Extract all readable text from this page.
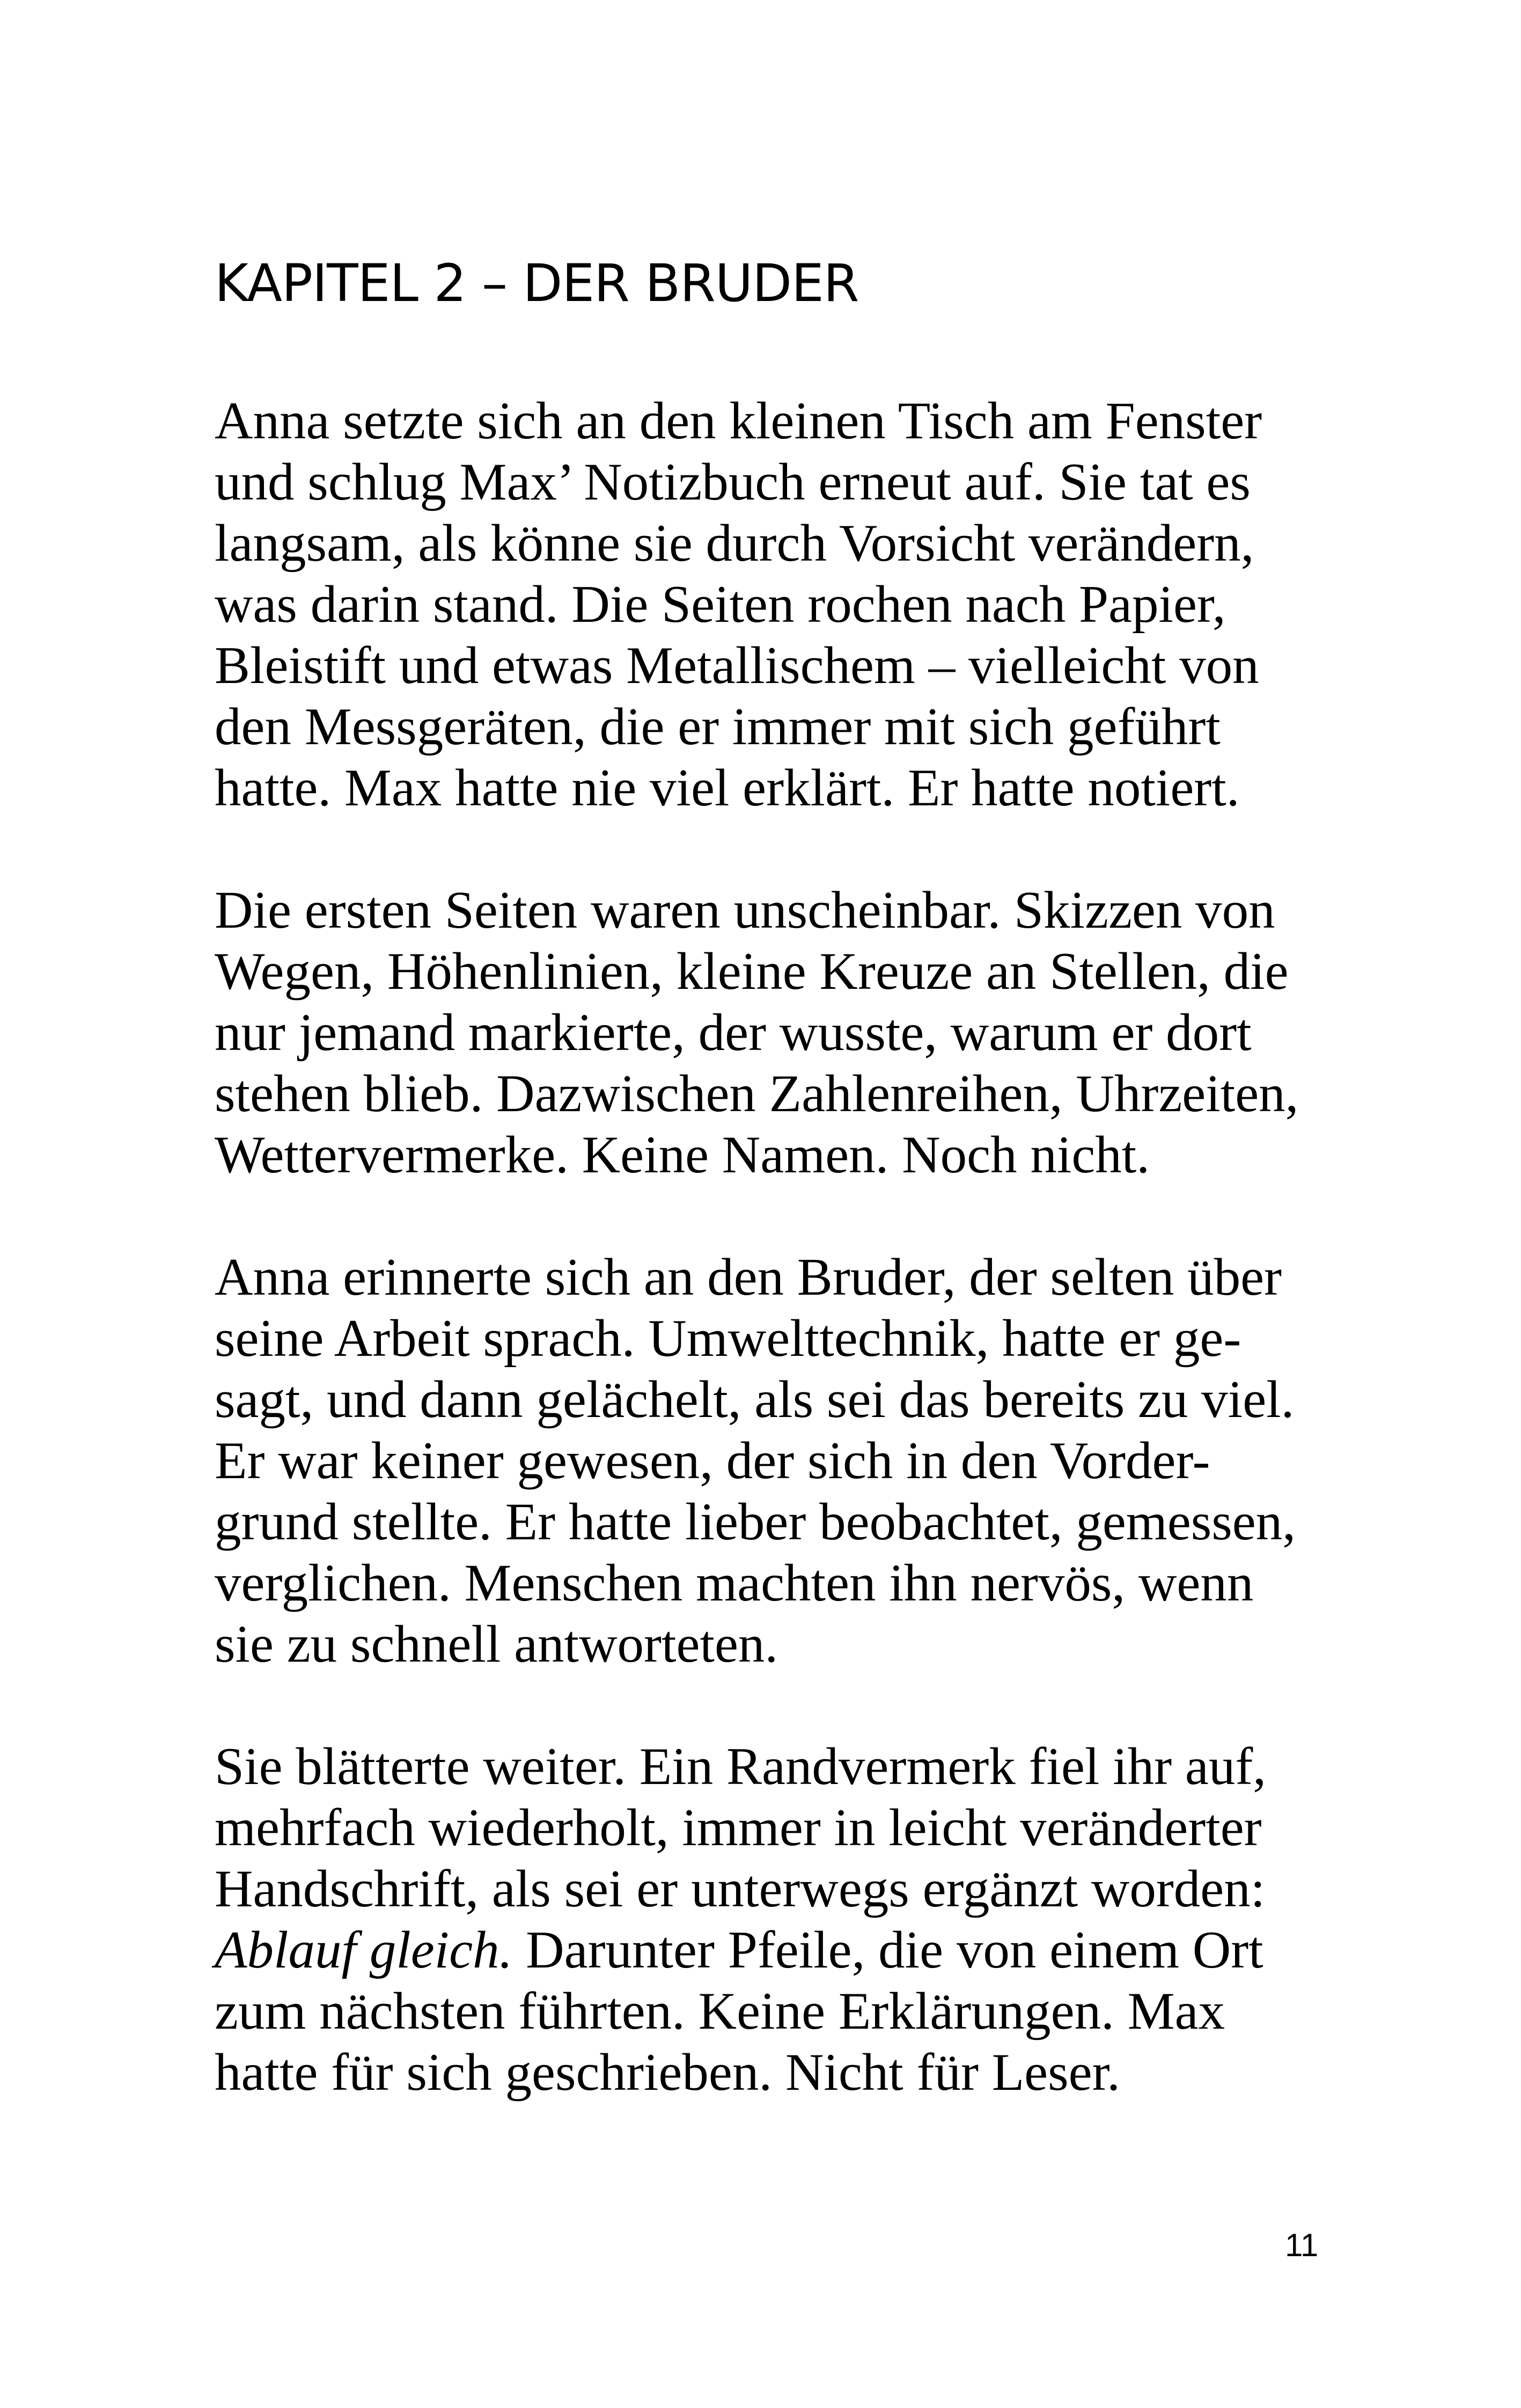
KAPITEL 2 – DER BRUDER
Anna setzte sich an den kleinen Tisch am Fenster
und schlug Max’ Notizbuch erneut auf. Sie tat es
langsam, als könne sie durch Vorsicht verändern,
was darin stand. Die Seiten rochen nach Papier,
Bleistift und etwas Metallischem – vielleicht von
den Messgeräten, die er immer mit sich geführt
hatte. Max hatte nie viel erklärt. Er hatte notiert.
Die ersten Seiten waren unscheinbar. Skizzen von
Wegen, Höhenlinien, kleine Kreuze an Stellen, die
nur jemand markierte, der wusste, warum er dort
stehen blieb. Dazwischen Zahlenreihen, Uhrzeiten,
Wettervermerke. Keine Namen. Noch nicht.
Anna erinnerte sich an den Bruder, der selten über
seine Arbeit sprach. Umwelttechnik, hatte er ge-
sagt, und dann gelächelt, als sei das bereits zu viel.
Er war keiner gewesen, der sich in den Vorder-
grund stellte. Er hatte lieber beobachtet, gemessen,
verglichen. Menschen machten ihn nervös, wenn
sie zu schnell antworteten.
Sie blätterte weiter. Ein Randvermerk fiel ihr auf,
mehrfach wiederholt, immer in leicht veränderter
Handschrift, als sei er unterwegs ergänzt worden:
Ablauf gleich. Darunter Pfeile, die von einem Ort
zum nächsten führten. Keine Erklärungen. Max
hatte für sich geschrieben. Nicht für Leser.
11
